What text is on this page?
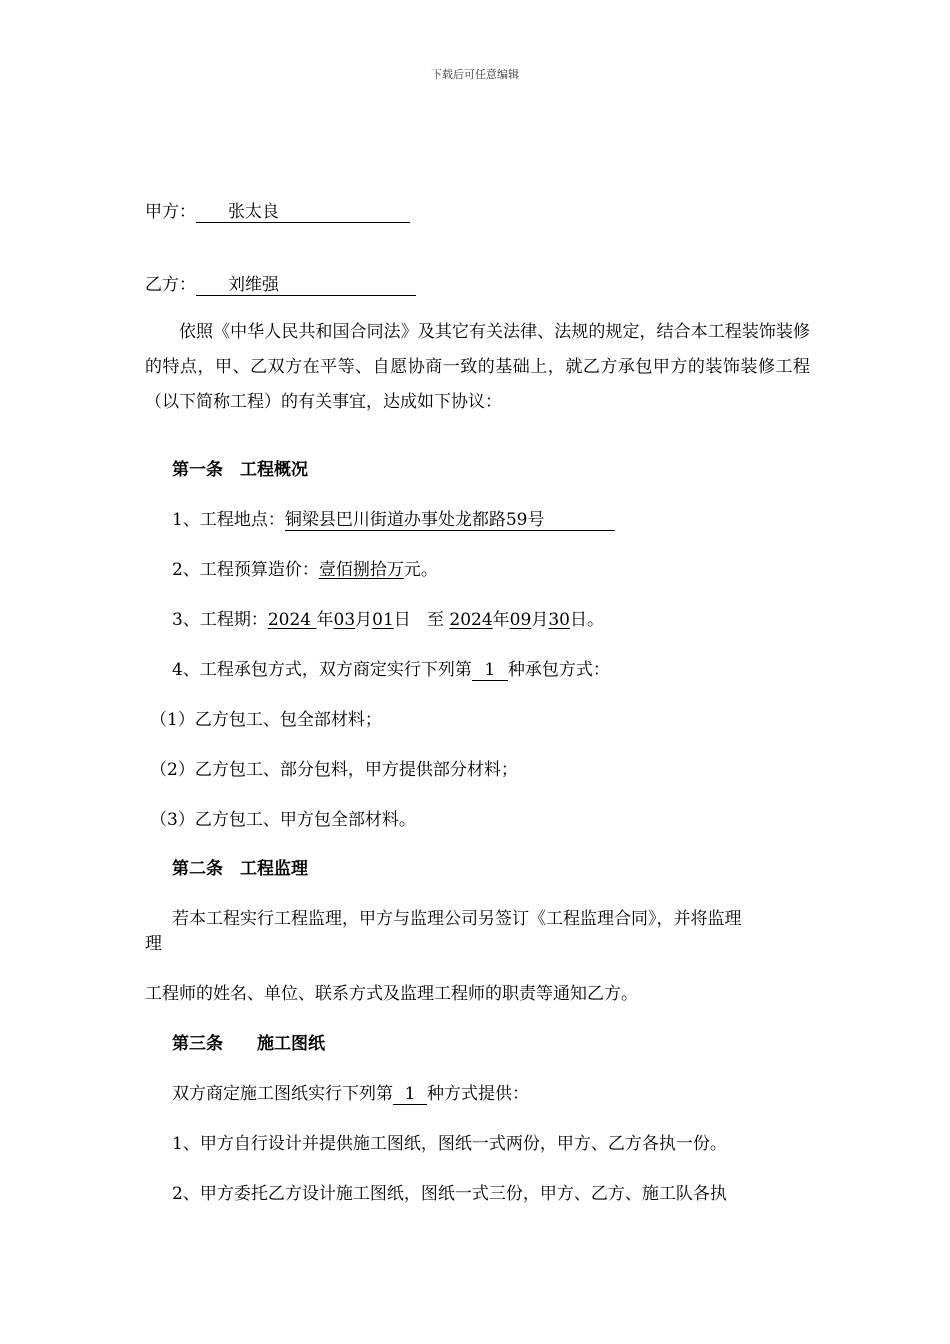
下载后可任意编辑
甲方： 张太良
乙方： 刘维强
依照《中华人民共和国合同法》及其它有关法律、法规的规定，结合本工程装饰装修的特点，甲、乙双方在平等、自愿协商一致的基础上，就乙方承包甲方的装饰装修工程（以下简称工程）的有关事宜，达成如下协议：
第一条　工程概况
1、工程地点：铜梁县巴川街道办事处龙都路59号
2、工程预算造价：壹佰捌拾万元。
3、工程期：2024 年03月01日 至 2024年09月30日。
4、工程承包方式，双方商定实行下列第 1 种承包方式：
（1）乙方包工、包全部材料；
（2）乙方包工、部分包料，甲方提供部分材料；
（3）乙方包工、甲方包全部材料。
第二条　工程监理
若本工程实行工程监理，甲方与监理公司另签订《工程监理合同》，并将监理
理
工程师的姓名、单位、联系方式及监理工程师的职责等通知乙方。
第三条　　施工图纸
双方商定施工图纸实行下列第 1 种方式提供：
1、甲方自行设计并提供施工图纸，图纸一式两份，甲方、乙方各执一份。
2、甲方委托乙方设计施工图纸，图纸一式三份，甲方、乙方、施工队各执
